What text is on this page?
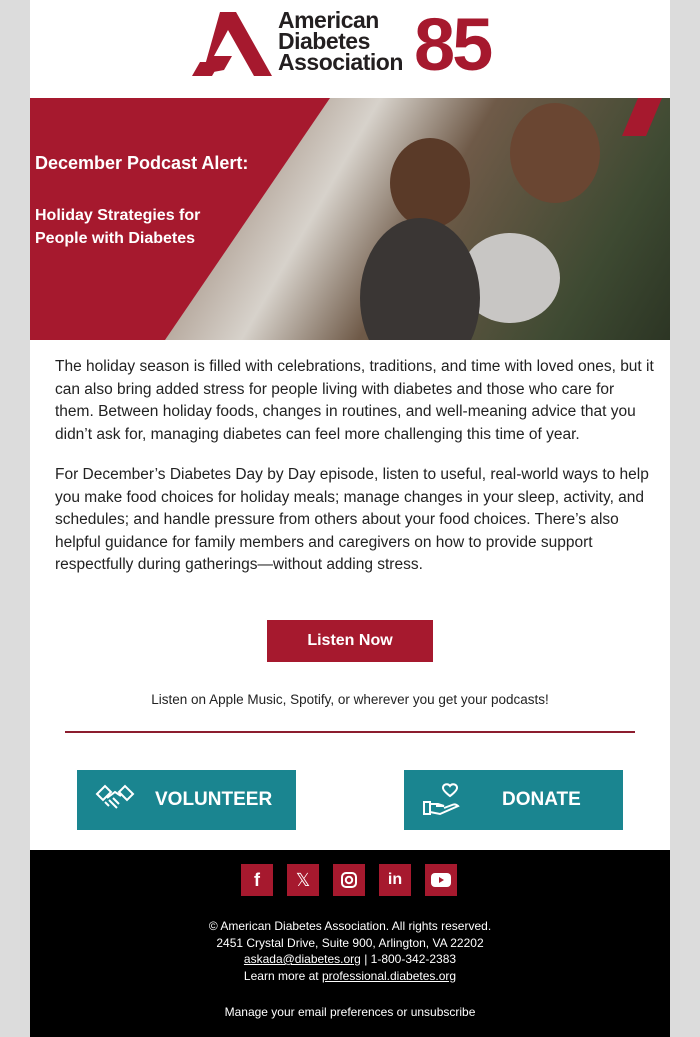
American
Diabetes
Association 85
December Podcast Alert:
Holiday Strategies for People with Diabetes

The holiday season is filled with celebrations, traditions, and time with loved ones, but it can also bring added stress for people living with diabetes and those who care for them. Between holiday foods, changes in routines, and well-meaning advice that you didn’t ask for, managing diabetes can feel more challenging this time of year.

For December’s Diabetes Day by Day episode, listen to useful, real-world ways to help you make food choices for holiday meals; manage changes in your sleep, activity, and schedules; and handle pressure from others about your food choices. There’s also helpful guidance for family members and caregivers on how to provide support respectfully during gatherings—without adding stress.

Listen Now
Listen on Apple Music, Spotify, or wherever you get your podcasts!
VOLUNTEER	DONATE
f	𝕏	in
© American Diabetes Association. All rights reserved.
2451 Crystal Drive, Suite 900, Arlington, VA 22202
askada@diabetes.org | 1-800-342-2383
Learn more at professional.diabetes.org
Manage your email preferences or unsubscribe
